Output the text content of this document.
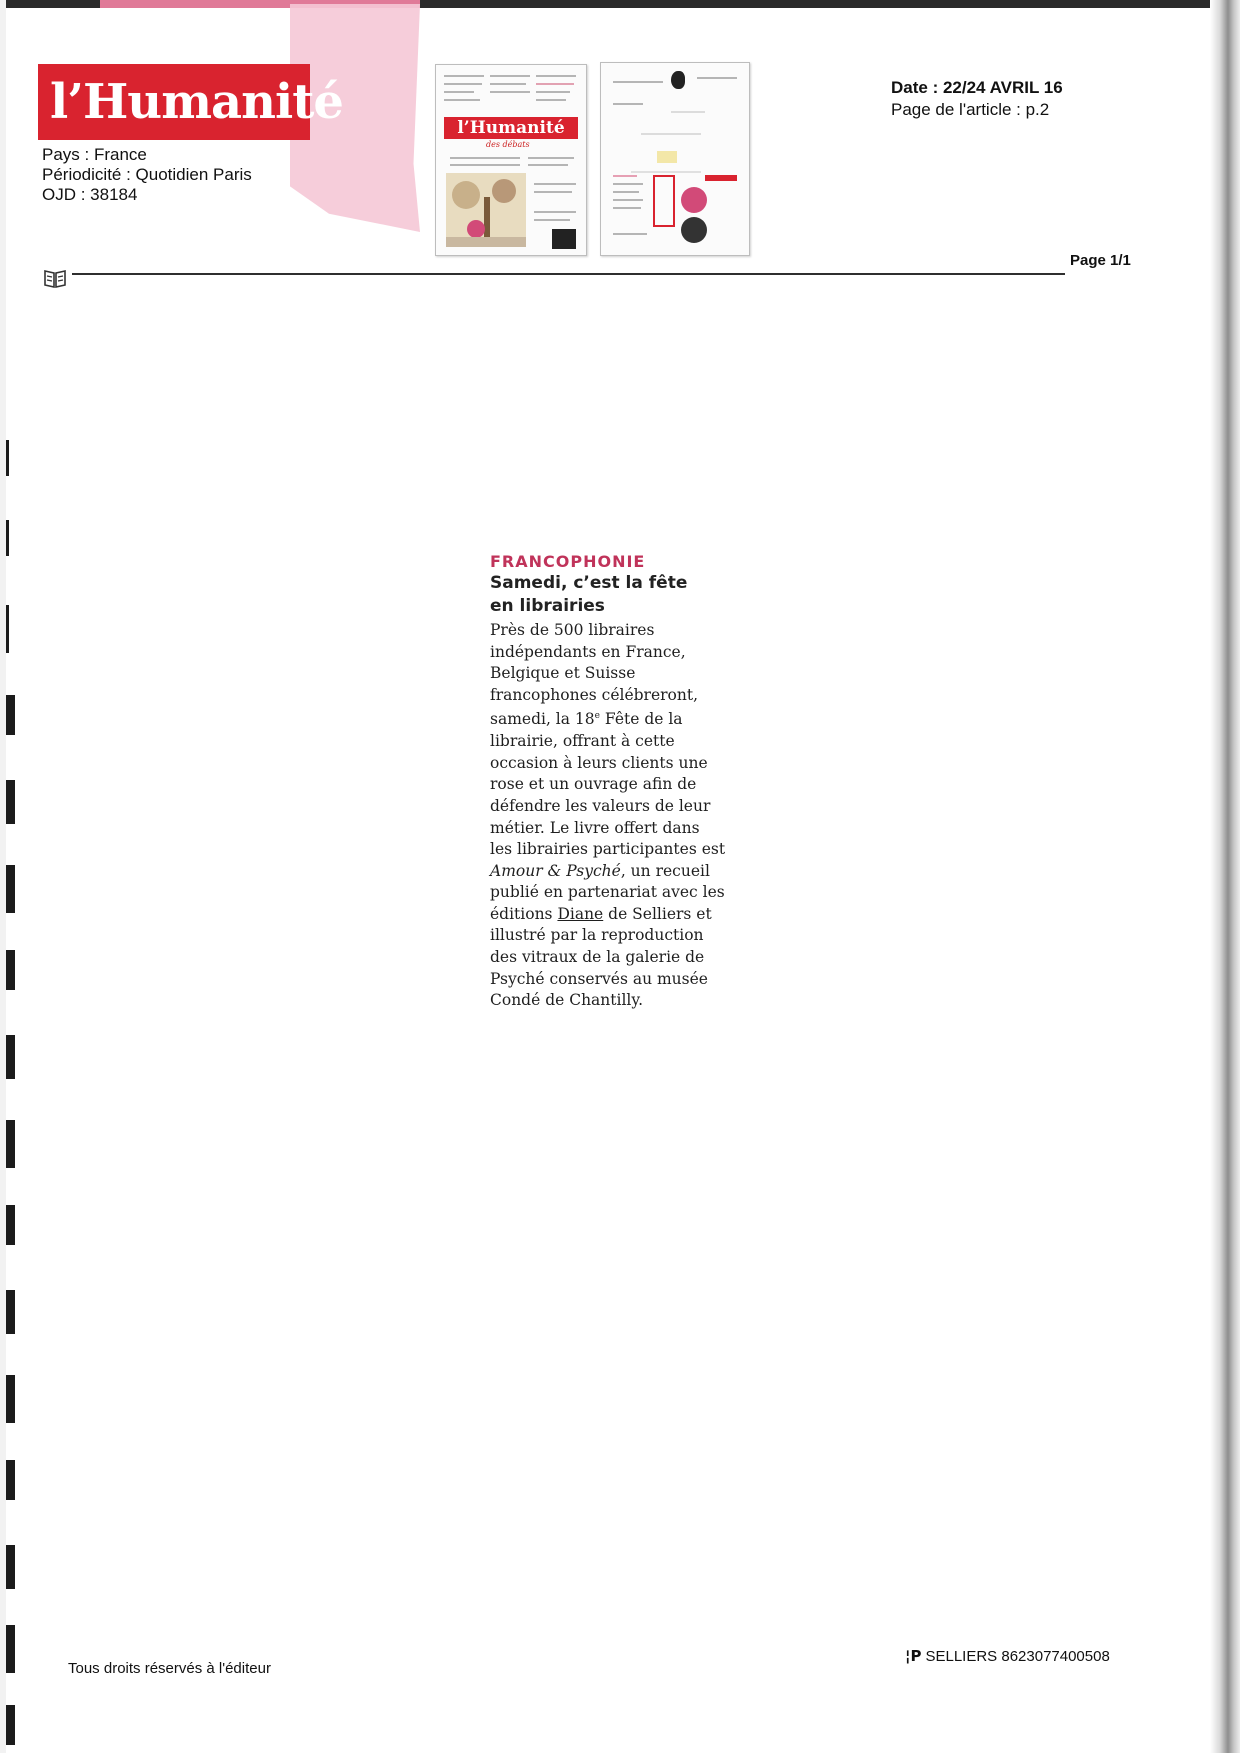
l’Humanité
Pays : France
Périodicité : Quotidien Paris
OJD : 38184
l’Humanité
des débats
Date : 22/24 AVRIL 16
Page de l'article : p.2
Page 1/1
FRANCOPHONIE
Samedi, c’est la fête en librairies
Près de 500 libraires indépendants en France, Belgique et Suisse francophones célébreront, samedi, la 18e Fête de la librairie, offrant à cette occasion à leurs clients une rose et un ouvrage afin de défendre les valeurs de leur métier. Le livre offert dans les librairies participantes est Amour & Psyché, un recueil publié en partenariat avec les éditions Diane de Selliers et illustré par la reproduction des vitraux de la galerie de Psyché conservés au musée Condé de Chantilly.
Tous droits réservés à l'éditeur
¦P SELLIERS 8623077400508
